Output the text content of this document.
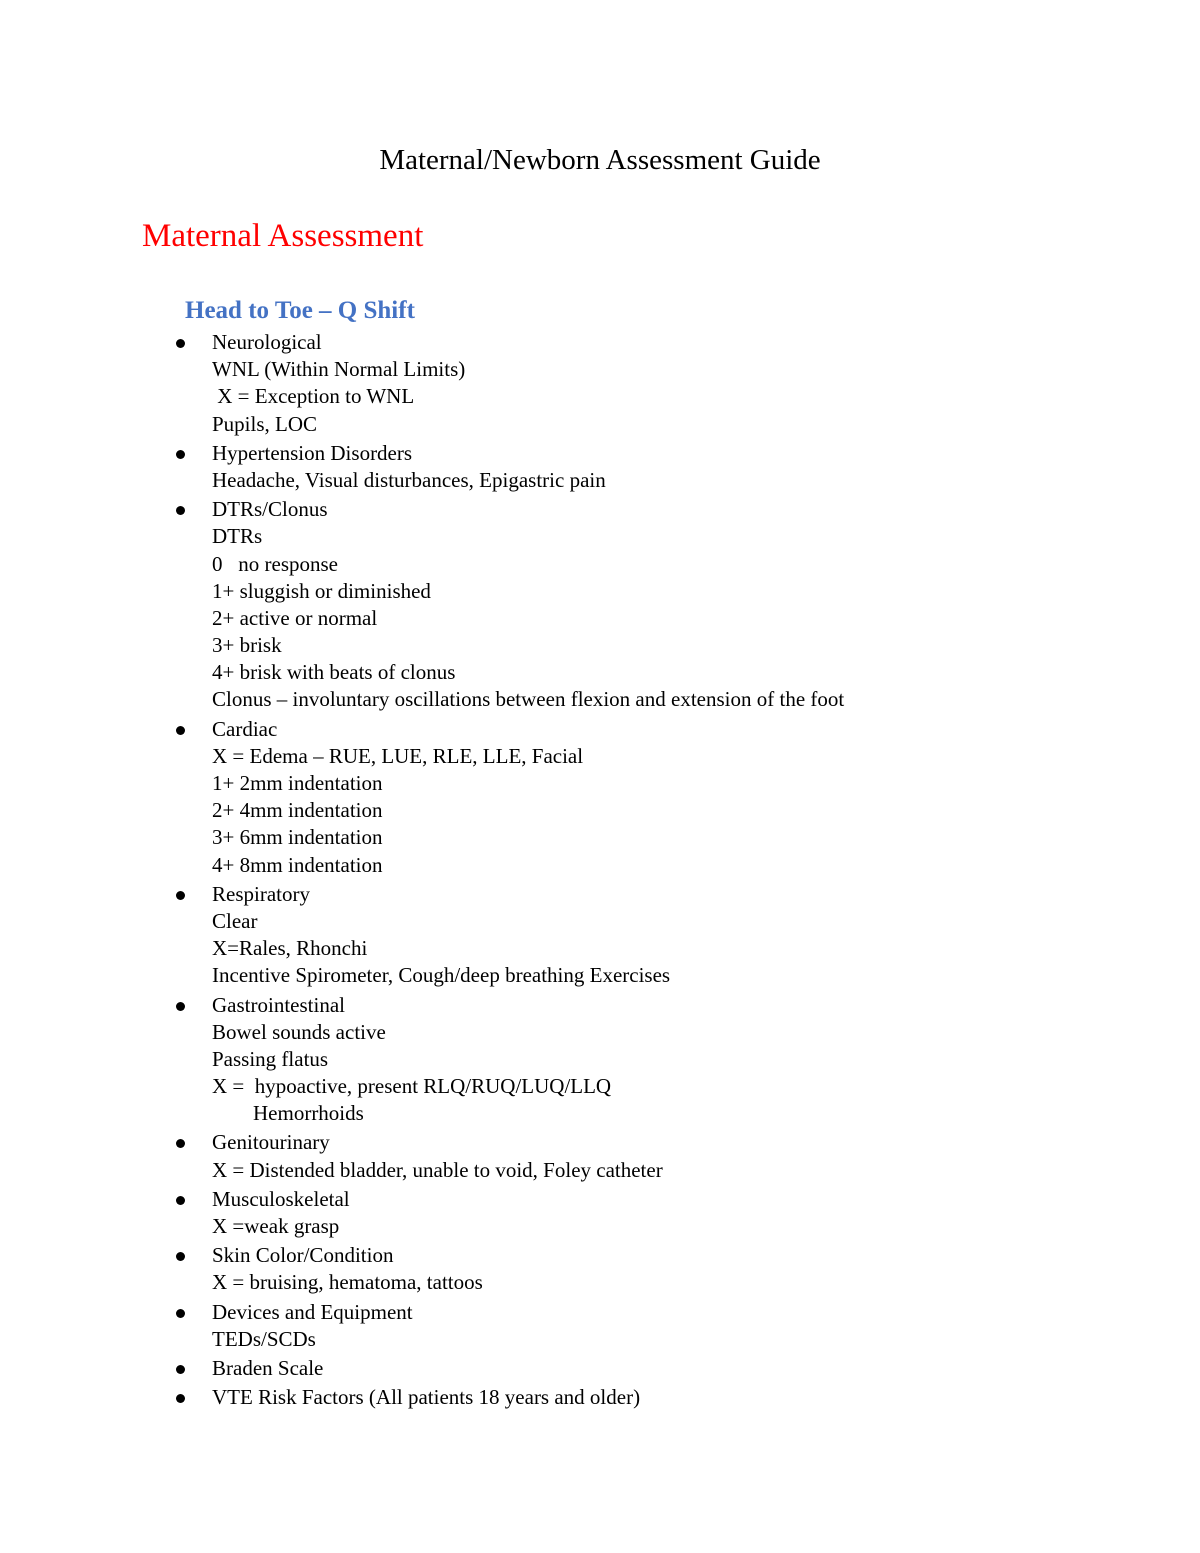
Maternal/Newborn Assessment Guide
Maternal Assessment
Head to Toe – Q Shift
Neurological
WNL (Within Normal Limits)
X = Exception to WNL
Pupils, LOC
Hypertension Disorders
Headache, Visual disturbances, Epigastric pain
DTRs/Clonus
DTRs
0   no response
1+ sluggish or diminished
2+ active or normal
3+ brisk
4+ brisk with beats of clonus
Clonus – involuntary oscillations between flexion and extension of the foot
Cardiac
X = Edema – RUE, LUE, RLE, LLE, Facial
1+ 2mm indentation
2+ 4mm indentation
3+ 6mm indentation
4+ 8mm indentation
Respiratory
Clear
X=Rales, Rhonchi
Incentive Spirometer, Cough/deep breathing Exercises
Gastrointestinal
Bowel sounds active
Passing flatus
X =  hypoactive, present RLQ/RUQ/LUQ/LLQ
Hemorrhoids
Genitourinary
X = Distended bladder, unable to void, Foley catheter
Musculoskeletal
X =weak grasp
Skin Color/Condition
X = bruising, hematoma, tattoos
Devices and Equipment
TEDs/SCDs
Braden Scale
VTE Risk Factors (All patients 18 years and older)
